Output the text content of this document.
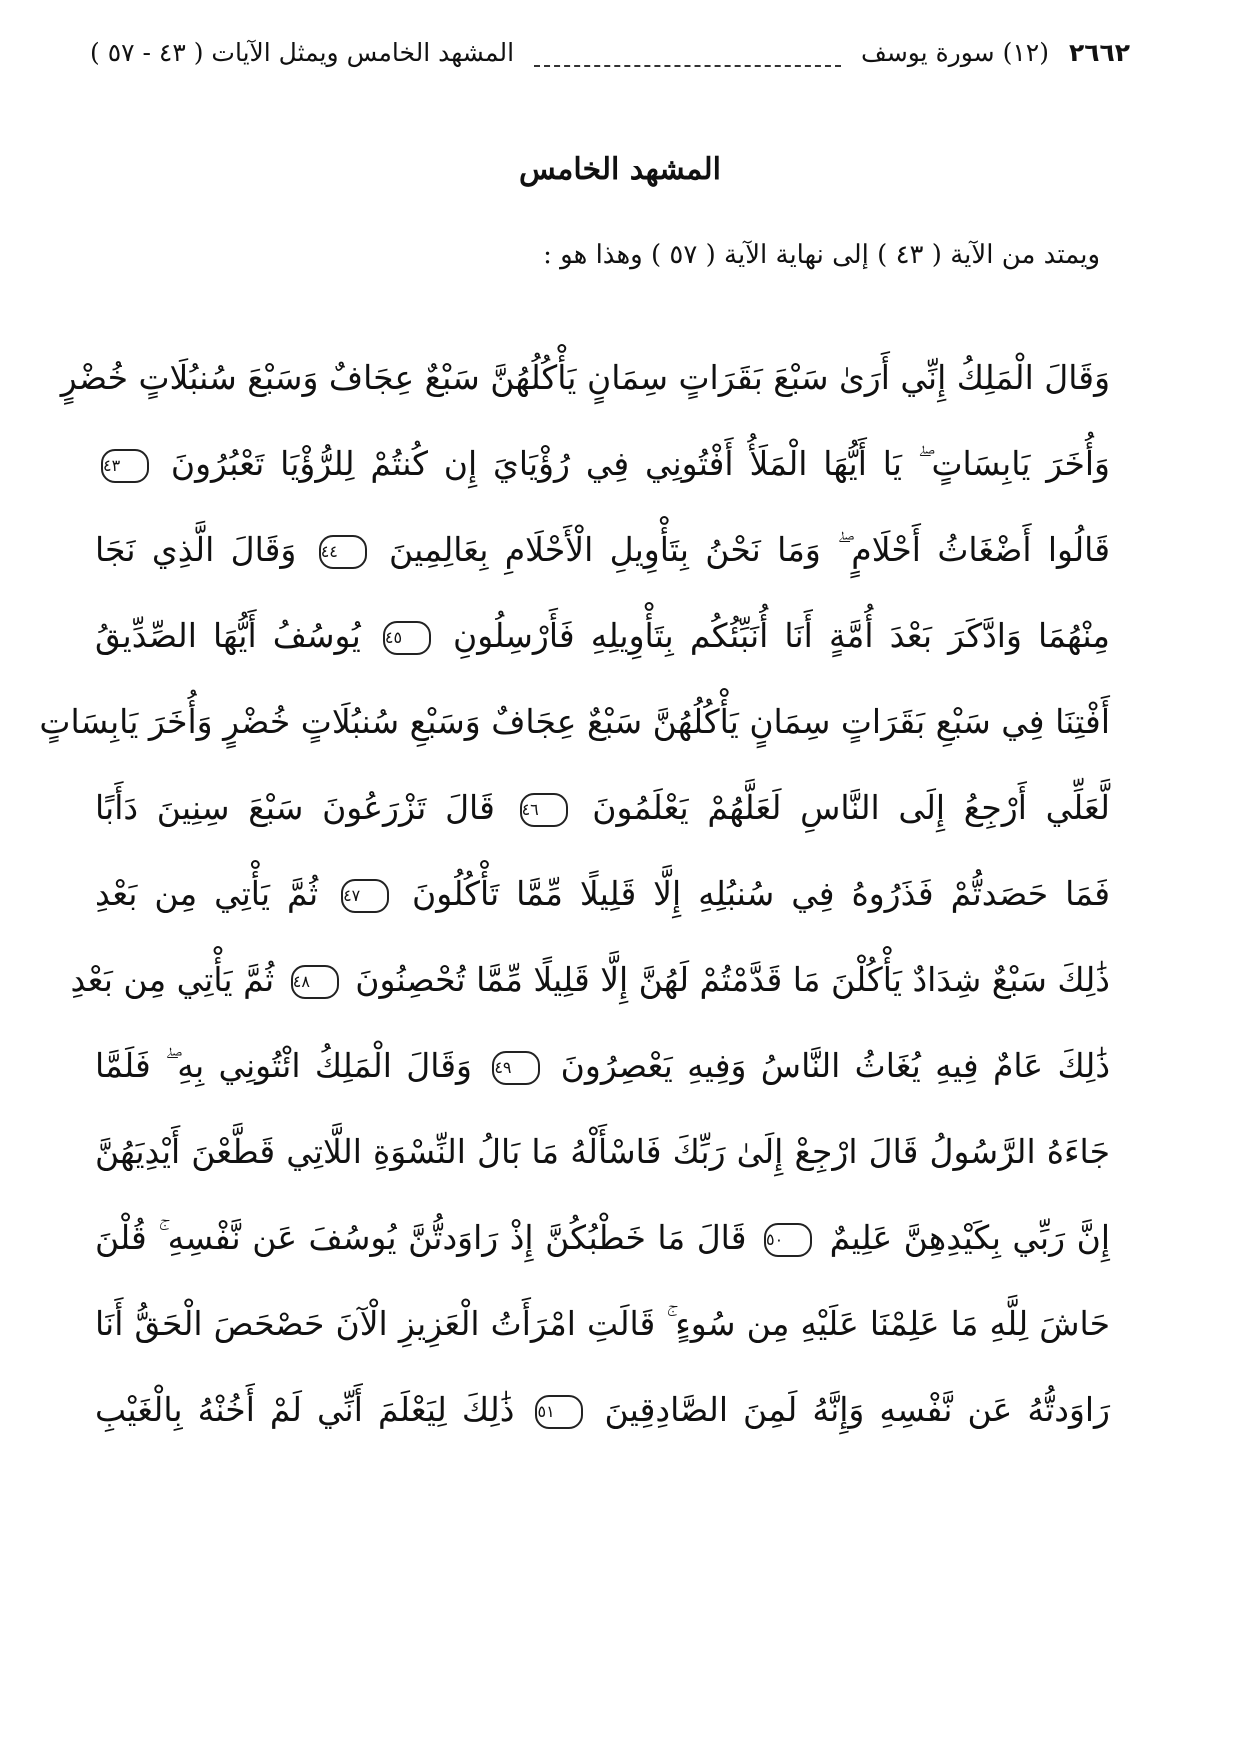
٢٦٦٢
(١٢) سورة يوسف
المشهد الخامس ويمثل الآيات ( ٤٣ - ٥٧ )
المشهد الخامس
ويمتد من الآية ( ٤٣ ) إلى نهاية الآية ( ٥٧ ) وهذا هو :
وَقَالَ الْمَلِكُ إِنِّي أَرَىٰ سَبْعَ بَقَرَاتٍ سِمَانٍ يَأْكُلُهُنَّ سَبْعٌ عِجَافٌ وَسَبْعَ سُنبُلَاتٍ خُضْرٍ
وَأُخَرَ يَابِسَاتٍ ۖ يَا أَيُّهَا الْمَلَأُ أَفْتُونِي فِي رُؤْيَايَ إِن كُنتُمْ لِلرُّؤْيَا تَعْبُرُونَ ٤٣
قَالُوا أَضْغَاثُ أَحْلَامٍ ۖ وَمَا نَحْنُ بِتَأْوِيلِ الْأَحْلَامِ بِعَالِمِينَ ٤٤ وَقَالَ الَّذِي نَجَا
مِنْهُمَا وَادَّكَرَ بَعْدَ أُمَّةٍ أَنَا أُنَبِّئُكُم بِتَأْوِيلِهِ فَأَرْسِلُونِ ٤٥ يُوسُفُ أَيُّهَا الصِّدِّيقُ
أَفْتِنَا فِي سَبْعِ بَقَرَاتٍ سِمَانٍ يَأْكُلُهُنَّ سَبْعٌ عِجَافٌ وَسَبْعِ سُنبُلَاتٍ خُضْرٍ وَأُخَرَ يَابِسَاتٍ
لَّعَلِّي أَرْجِعُ إِلَى النَّاسِ لَعَلَّهُمْ يَعْلَمُونَ ٤٦ قَالَ تَزْرَعُونَ سَبْعَ سِنِينَ دَأَبًا
فَمَا حَصَدتُّمْ فَذَرُوهُ فِي سُنبُلِهِ إِلَّا قَلِيلًا مِّمَّا تَأْكُلُونَ ٤٧ ثُمَّ يَأْتِي مِن بَعْدِ
ذَٰلِكَ سَبْعٌ شِدَادٌ يَأْكُلْنَ مَا قَدَّمْتُمْ لَهُنَّ إِلَّا قَلِيلًا مِّمَّا تُحْصِنُونَ ٤٨ ثُمَّ يَأْتِي مِن بَعْدِ
ذَٰلِكَ عَامٌ فِيهِ يُغَاثُ النَّاسُ وَفِيهِ يَعْصِرُونَ ٤٩ وَقَالَ الْمَلِكُ ائْتُونِي بِهِ ۖ فَلَمَّا
جَاءَهُ الرَّسُولُ قَالَ ارْجِعْ إِلَىٰ رَبِّكَ فَاسْأَلْهُ مَا بَالُ النِّسْوَةِ اللَّاتِي قَطَّعْنَ أَيْدِيَهُنَّ
إِنَّ رَبِّي بِكَيْدِهِنَّ عَلِيمٌ ٥٠ قَالَ مَا خَطْبُكُنَّ إِذْ رَاوَدتُّنَّ يُوسُفَ عَن نَّفْسِهِ ۚ قُلْنَ
حَاشَ لِلَّهِ مَا عَلِمْنَا عَلَيْهِ مِن سُوءٍ ۚ قَالَتِ امْرَأَتُ الْعَزِيزِ الْآنَ حَصْحَصَ الْحَقُّ أَنَا
رَاوَدتُّهُ عَن نَّفْسِهِ وَإِنَّهُ لَمِنَ الصَّادِقِينَ ٥١ ذَٰلِكَ لِيَعْلَمَ أَنِّي لَمْ أَخُنْهُ بِالْغَيْبِ
